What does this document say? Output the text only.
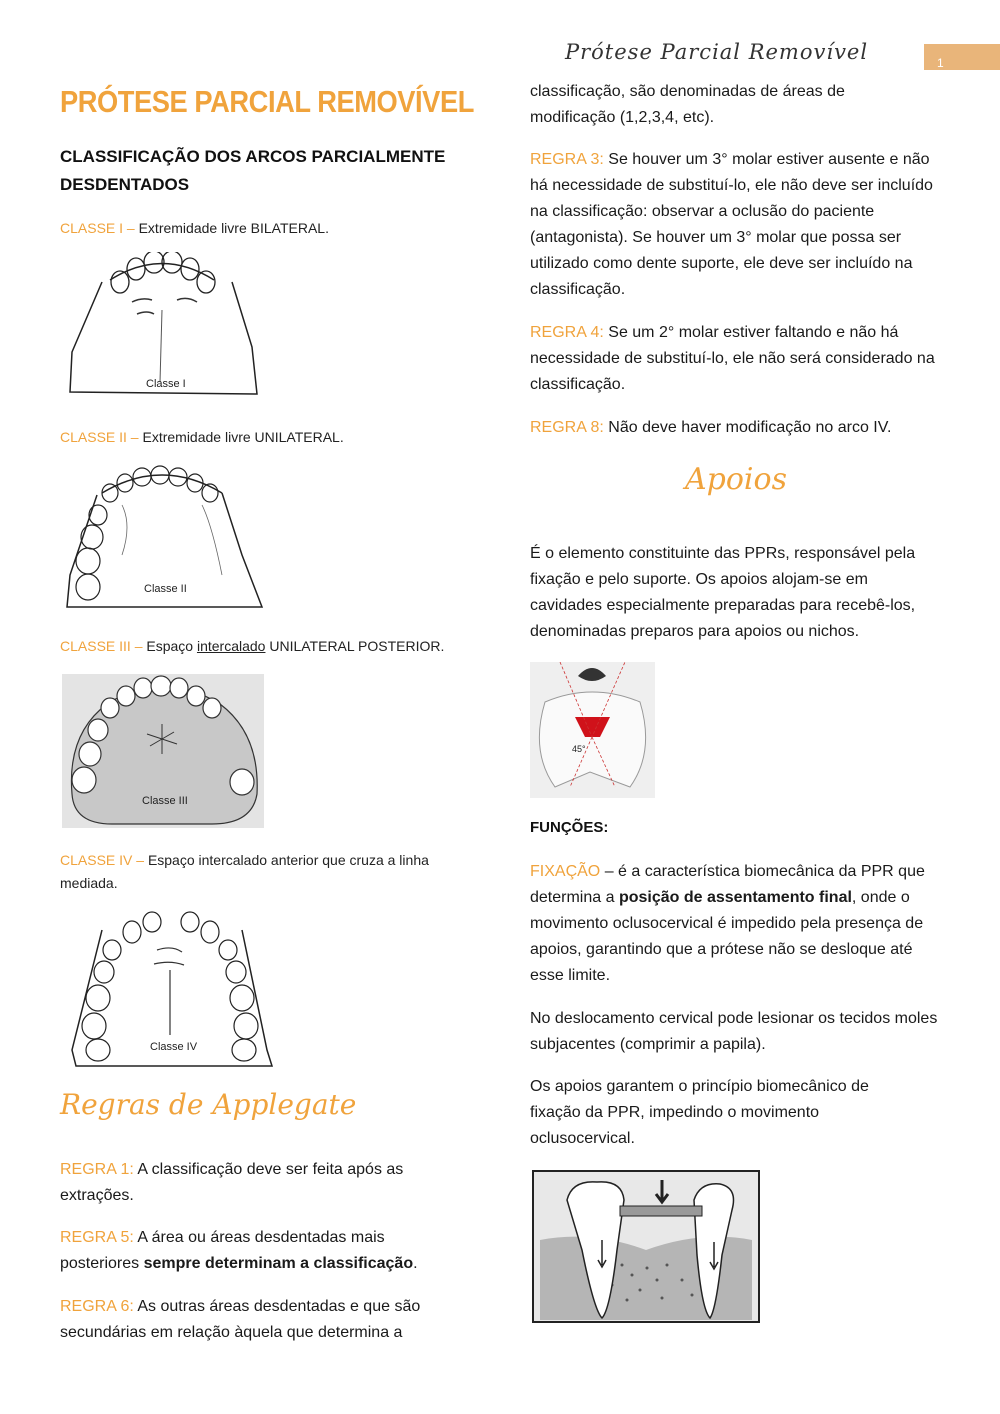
Prótese Parcial Removível	1
PRÓTESE PARCIAL REMOVÍVEL
CLASSIFICAÇÃO DOS ARCOS PARCIALMENTE DESDENTADOS
CLASSE I – Extremidade livre BILATERAL.
Classe I
CLASSE II – Extremidade livre UNILATERAL.
Classe II
CLASSE III – Espaço intercalado UNILATERAL POSTERIOR.
Classe III
CLASSE IV – Espaço intercalado anterior que cruza a linha mediada.
Classe IV
Regras de Applegate
REGRA 1: A classificação deve ser feita após as extrações.
REGRA 5: A área ou áreas desdentadas mais posteriores sempre determinam a classificação.
REGRA 6: As outras áreas desdentadas e que são secundárias em relação àquela que determina a
classificação, são denominadas de áreas de modificação (1,2,3,4, etc).
REGRA 3: Se houver um 3° molar estiver ausente e não há necessidade de substituí-lo, ele não deve ser incluído na classificação: observar a oclusão do paciente (antagonista). Se houver um 3° molar que possa ser utilizado como dente suporte, ele deve ser incluído na classificação.
REGRA 4: Se um 2° molar estiver faltando e não há necessidade de substituí-lo, ele não será considerado na classificação.
REGRA 8: Não deve haver modificação no arco IV.
Apoios
É o elemento constituinte das PPRs, responsável pela fixação e pelo suporte. Os apoios alojam-se em cavidades especialmente preparadas para recebê-los, denominadas preparos para apoios ou nichos.
45°
FUNÇÕES:
FIXAÇÃO – é a característica biomecânica da PPR que determina a posição de assentamento final, onde o movimento oclusocervical é impedido pela presença de apoios, garantindo que a prótese não se desloque até esse limite.
No deslocamento cervical pode lesionar os tecidos moles subjacentes (comprimir a papila).
Os apoios garantem o princípio biomecânico de fixação da PPR, impedindo o movimento oclusocervical.
